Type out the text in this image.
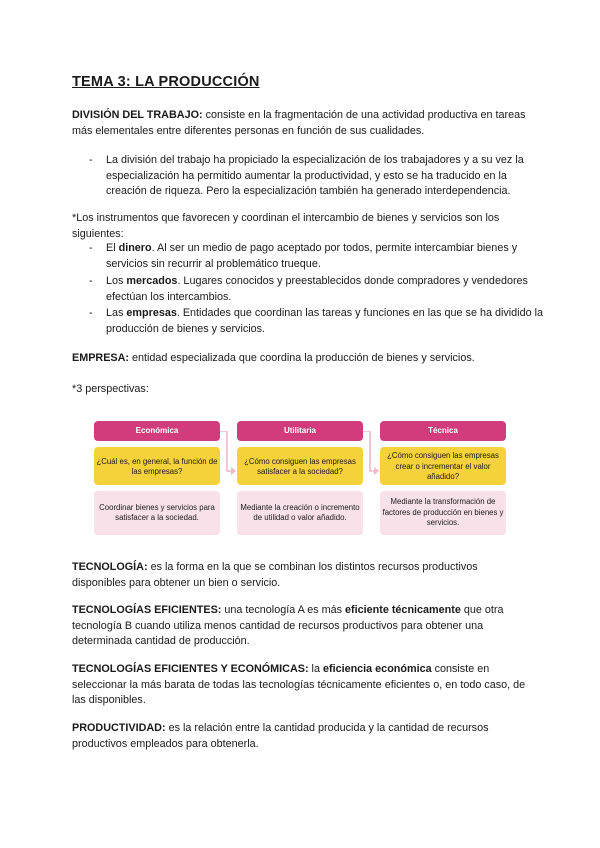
TEMA 3: LA PRODUCCIÓN
DIVISIÓN DEL TRABAJO: consiste en la fragmentación de una actividad productiva en tareas más elementales entre diferentes personas en función de sus cualidades.
- La división del trabajo ha propiciado la especialización de los trabajadores y a su vez la especialización ha permitido aumentar la productividad, y esto se ha traducido en la creación de riqueza. Pero la especialización también ha generado interdependencia.
*Los instrumentos que favorecen y coordinan el intercambio de bienes y servicios son los siguientes:
- El dinero. Al ser un medio de pago aceptado por todos, permite intercambiar bienes y servicios sin recurrir al problemático trueque.
- Los mercados. Lugares conocidos y preestablecidos donde compradores y vendedores efectúan los intercambios.
- Las empresas. Entidades que coordinan las tareas y funciones en las que se ha dividido la producción de bienes y servicios.
EMPRESA: entidad especializada que coordina la producción de bienes y servicios.
*3 perspectivas:
Económica
¿Cuál es, en general, la función de las empresas?
Coordinar bienes y servicios para satisfacer a la sociedad.
Utilitaria
¿Cómo consiguen las empresas satisfacer a la sociedad?
Mediante la creación o incremento de utilidad o valor añadido.
Técnica
¿Cómo consiguen las empresas crear o incrementar el valor añadido?
Mediante la transformación de factores de producción en bienes y servicios.
TECNOLOGÍA: es la forma en la que se combinan los distintos recursos productivos disponibles para obtener un bien o servicio.
TECNOLOGÍAS EFICIENTES: una tecnología A es más eficiente técnicamente que otra tecnología B cuando utiliza menos cantidad de recursos productivos para obtener una determinada cantidad de producción.
TECNOLOGÍAS EFICIENTES Y ECONÓMICAS: la eficiencia económica consiste en seleccionar la más barata de todas las tecnologías técnicamente eficientes o, en todo caso, de las disponibles.
PRODUCTIVIDAD: es la relación entre la cantidad producida y la cantidad de recursos productivos empleados para obtenerla.
